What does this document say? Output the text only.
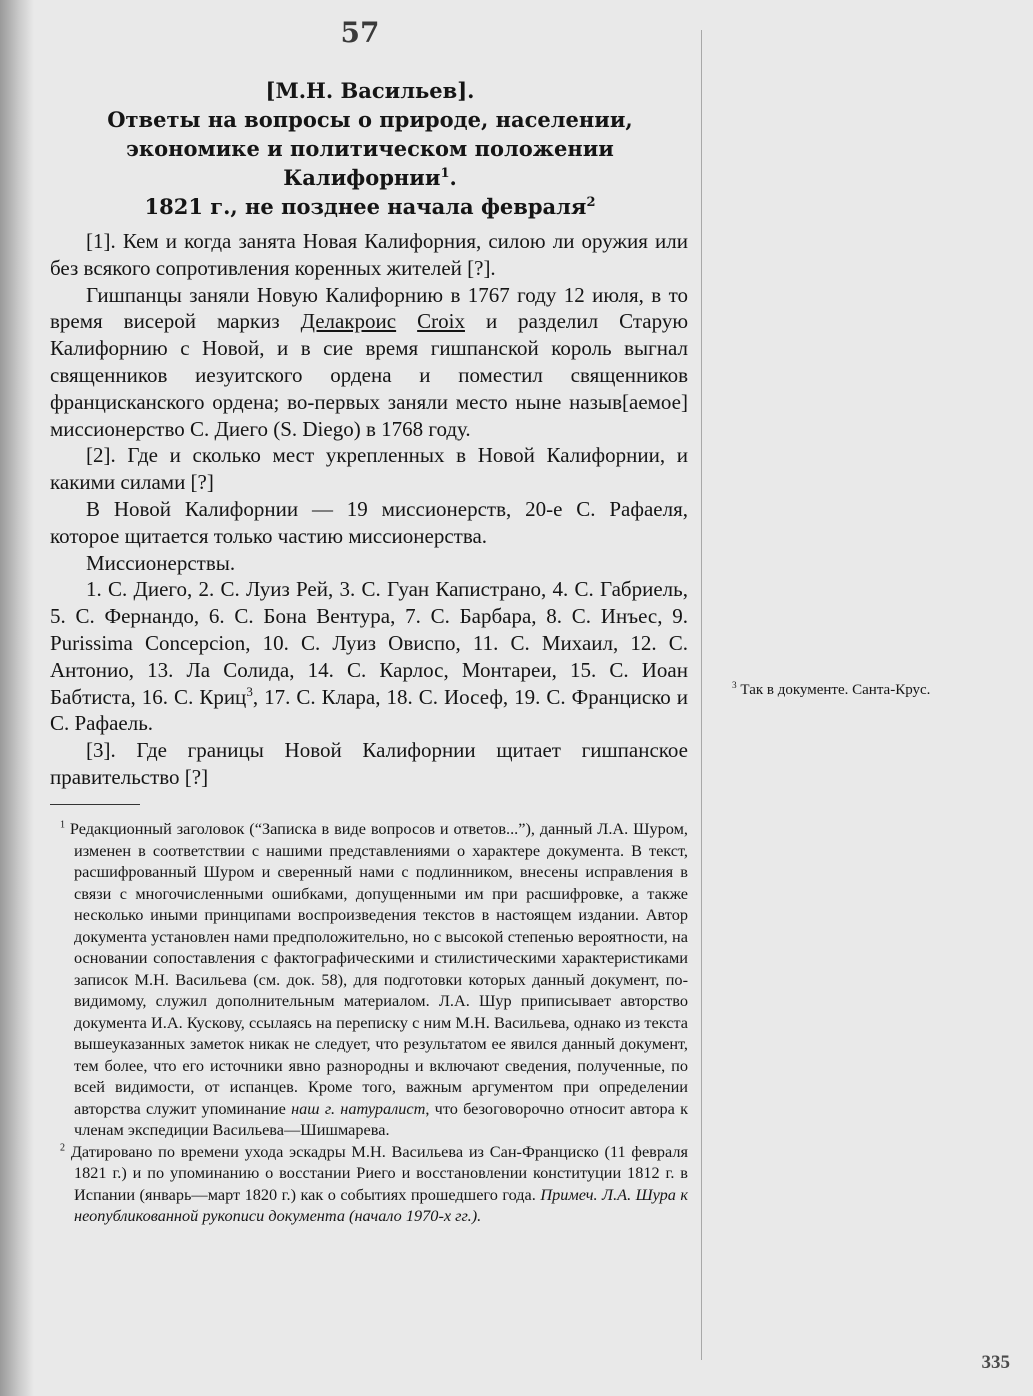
57
[М.Н. Васильев].
Ответы на вопросы о природе, населении,
экономике и политическом положении Калифорнии$^1$.
1821 г., не позднее начала февраля$^2$

[1]. Кем и когда занята Новая Калифорния, силою ли оружия или без всякого сопротивления коренных жителей [?].

Гишпанцы заняли Новую Калифорнию в 1767 году 12 июля, в то время висерой маркиз Делакроис Croix и разделил Старую Калифорнию с Новой, и в сие время гишпанской король выгнал священников иезуитского ордена и поместил священников францисканского ордена; во-первых заняли место ныне назыв[аемое] миссионерство С. Диего (S. Diego) в 1768 году.

[2]. Где и сколько мест укрепленных в Новой Калифорнии, и какими силами [?]

В Новой Калифорнии — 19 миссионерств, 20-е С. Рафаеля, которое щитается только частию миссионерства.

Миссионерствы.

1. С. Диего, 2. С. Луиз Рей, 3. С. Гуан Капистрано, 4. С. Габриель, 5. С. Фернандо, 6. С. Бона Вентура, 7. С. Барбара, 8. С. Инъес, 9. Purissima Concepcion, 10. С. Луиз Овиспо, 11. С. Михаил, 12. С. Антонио, 13. Ла Солида, 14. С. Карлос, Монтареи, 15. С. Иоан Бабтиста, 16. С. Криц$^3$, 17. С. Клара, 18. С. Иосеф, 19. С. Франциско и С. Рафаель.

[3]. Где границы Новой Калифорнии щитает гишпанское правительство [?]

$^1$ Редакционный заголовок (“Записка в виде вопросов и ответов...”), данный Л.А. Шуром, изменен в соответствии с нашими представлениями о характере документа. В текст, расшифрованный Шуром и сверенный нами с подлинником, внесены исправления в связи с многочисленными ошибками, допущенными им при расшифровке, а также несколько иными принципами воспроизведения текстов в настоящем издании. Автор документа установлен нами предположительно, но с высокой степенью вероятности, на основании сопоставления с фактографическими и стилистическими характеристиками записок М.Н. Васильева (см. док. 58), для подготовки которых данный документ, по-видимому, служил дополнительным материалом. Л.А. Шур приписывает авторство документа И.А. Кускову, ссылаясь на переписку с ним М.Н. Васильева, однако из текста вышеуказанных заметок никак не следует, что результатом ее явился данный документ, тем более, что его источники явно разнородны и включают сведения, полученные, по всей видимости, от испанцев. Кроме того, важным аргументом при определении авторства служит упоминание наш г. натуралист, что безоговорочно относит автора к членам экспедиции Васильева—Шишмарева.

$^2$ Датировано по времени ухода эскадры М.Н. Васильева из Сан-Франциско (11 февраля 1821 г.) и по упоминанию о восстании Риего и восстановлении конституции 1812 г. в Испании (январь—март 1820 г.) как о событиях прошедшего года. Примеч. Л.А. Шура к неопубликованной рукописи документа (начало 1970-х гг.).

$^3$ Так в документе. Санта-Крус.

335
